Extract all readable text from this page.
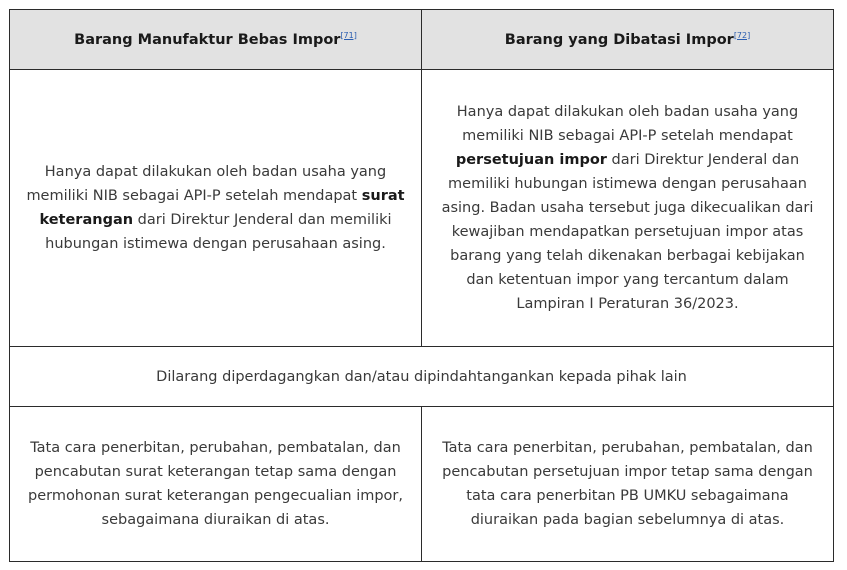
Barang Manufaktur Bebas Impor[71]	Barang yang Dibatasi Impor[72]
Hanya dapat dilakukan oleh badan usaha yang memiliki NIB sebagai API-P setelah mendapat surat keterangan dari Direktur Jenderal dan memiliki hubungan istimewa dengan perusahaan asing.	Hanya dapat dilakukan oleh badan usaha yang memiliki NIB sebagai API-P setelah mendapat persetujuan impor dari Direktur Jenderal dan memiliki hubungan istimewa dengan perusahaan asing. Badan usaha tersebut juga dikecualikan dari kewajiban mendapatkan persetujuan impor atas barang yang telah dikenakan berbagai kebijakan dan ketentuan impor yang tercantum dalam Lampiran I Peraturan 36/2023.
Dilarang diperdagangkan dan/atau dipindahtangankan kepada pihak lain	
Tata cara penerbitan, perubahan, pembatalan, dan pencabutan surat keterangan tetap sama dengan permohonan surat keterangan pengecualian impor, sebagaimana diuraikan di atas.	Tata cara penerbitan, perubahan, pembatalan, dan pencabutan persetujuan impor tetap sama dengan tata cara penerbitan PB UMKU sebagaimana diuraikan pada bagian sebelumnya di atas.
